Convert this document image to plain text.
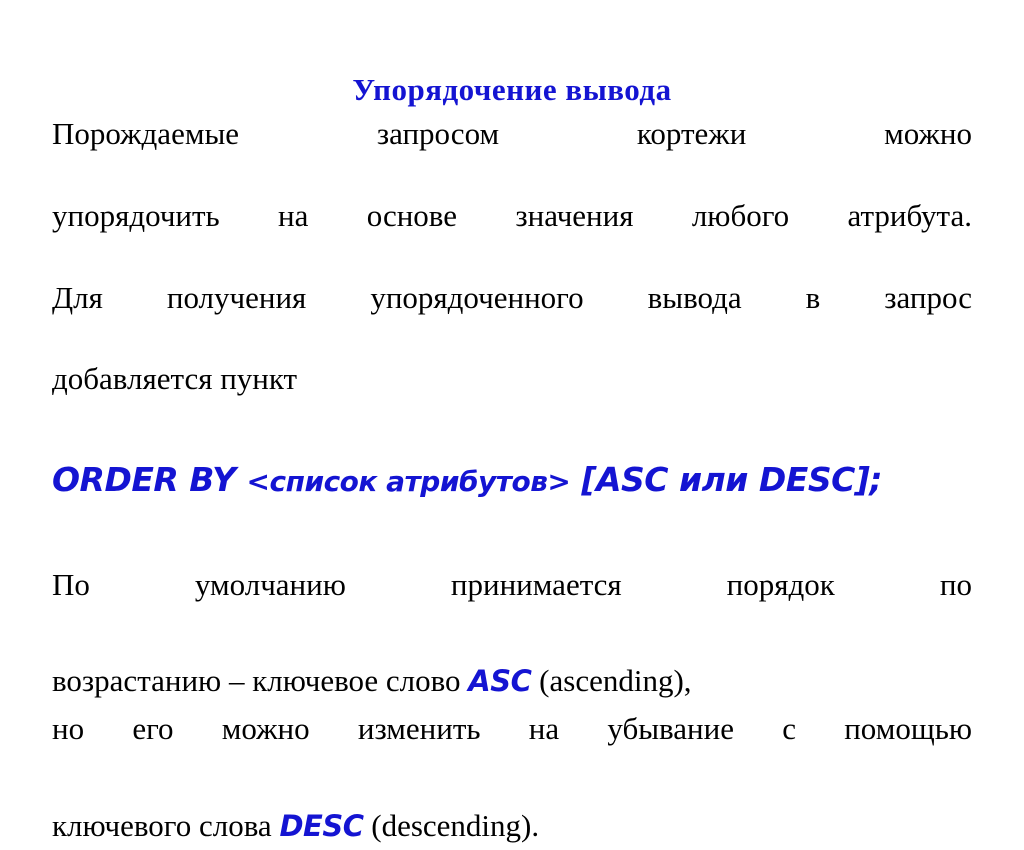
Упорядочение вывода
Порождаемые запросом кортежи можно
упорядочить на основе значения любого атрибута.
Для получения упорядоченного вывода в запрос
добавляется пункт
ORDER BY <список атрибутов> [ASC или DESC];
По умолчанию принимается порядок по
возрастанию – ключевое слово ASC (ascending),
но его можно изменить на убывание с помощью
ключевого слова DESC (descending).
